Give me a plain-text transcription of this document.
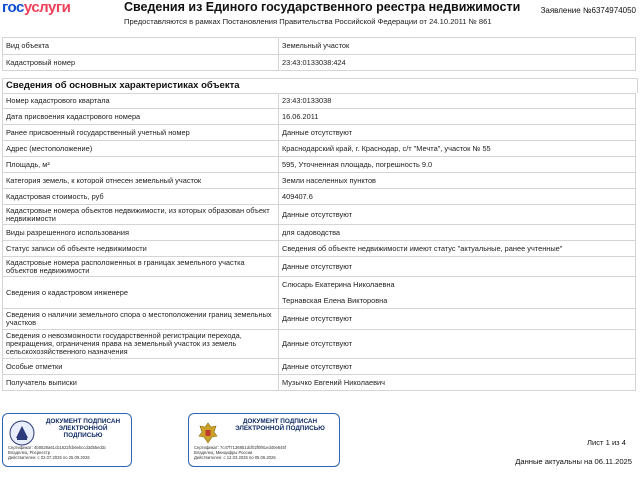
госуслуги	Сведения из Единого государственного реестра недвижимости
Предоставляются в рамках Постановления Правительства Российской Федерации от 24.10.2011 № 861
Заявление №6374974050
Вид объекта	Земельный участок
Кадастровый номер	23:43:0133038:424
Сведения об основных характеристиках объекта
Номер кадастрового квартала	23:43:0133038
Дата присвоения кадастрового номера	16.06.2011
Ранее присвоенный государственный учетный номер	Данные отсутствуют
Адрес (местоположение)	Краснодарский край, г. Краснодар, с/т "Мечта", участок № 55
Площадь, м²	595, Уточненная площадь, погрешность 9.0
Категория земель, к которой отнесен земельный участок	Земли населенных пунктов
Кадастровая стоимость, руб	409407.6
Кадастровые номера объектов недвижимости, из которых образован объект недвижимости	Данные отсутствуют
Виды разрешенного использования	для садоводства
Статус записи об объекте недвижимости	Сведения об объекте недвижимости имеют статус "актуальные, ранее учтенные"
Кадастровые номера расположенных в границах земельного участка объектов недвижимости	Данные отсутствуют
Сведения о кадастровом инженере	Слюсарь Екатерина Николаевна
Тернавская Елена Викторовна

Сведения о наличии земельного спора о местоположении границ земельных участков	Данные отсутствуют
Сведения о невозможности государственной регистрации перехода, прекращения, ограничения права на земельный участок из земель сельскохозяйственного назначения	Данные отсутствуют
Особые отметки	Данные отсутствуют
Получатель выписки	Музычко Евгений Николаевич
ДОКУМЕНТ ПОДПИСАН ЭЛЕКТРОННОЙ ПОДПИСЬЮ
Сертификат: 4b0528a61cb1622fcb6ebccd3d55ed3c
Владелец: Росреестр
Действителен: с 02.07.2025 по 25.09.2026
ДОКУМЕНТ ПОДПИСАН ЭЛЕКТРОННОЙ ПОДПИСЬЮ
Сертификат: 7c47f7136851dcf02f0f81ed40e645f
Владелец: Минцифры России
Действителен: с 12.03.2025 по 05.06.2026
Лист 1 из 4
Данные актуальны на 06.11.2025
